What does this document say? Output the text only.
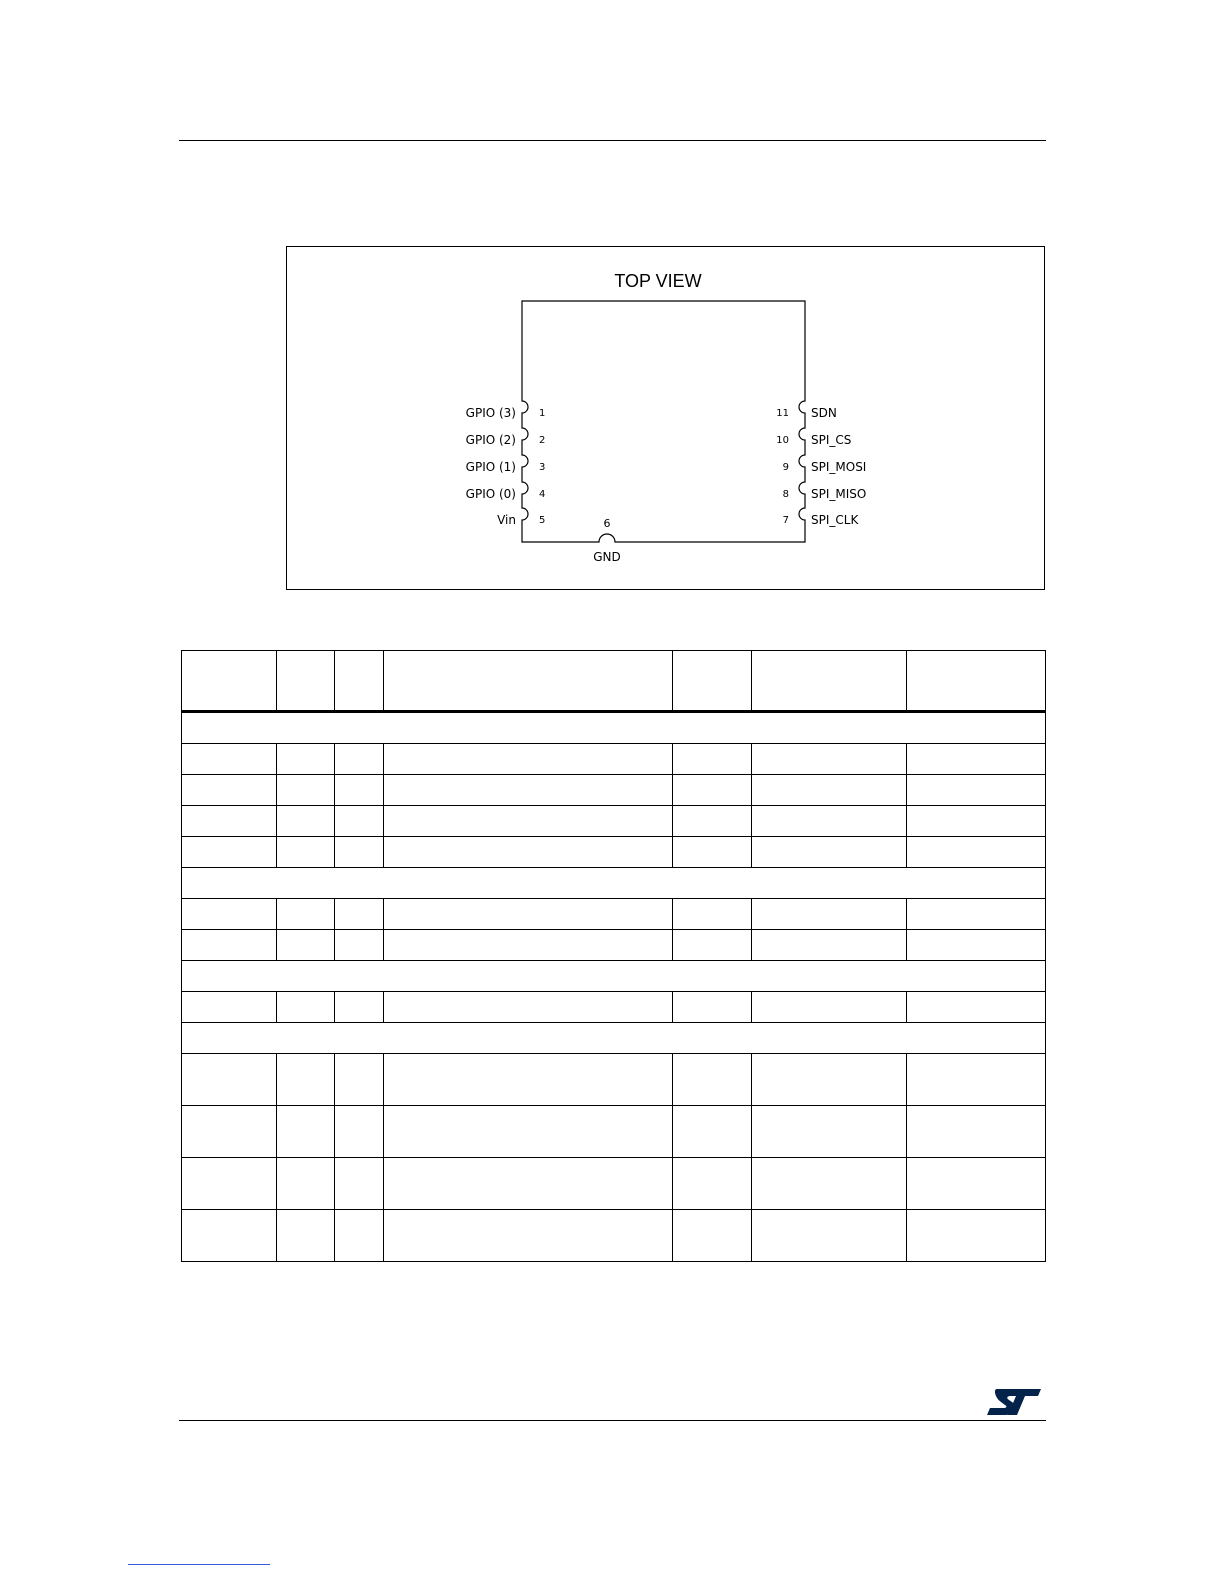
TOP VIEW
GPIO (3) 1
GPIO (2) 2
GPIO (1) 3
GPIO (0) 4
Vin 5
SDN
11
SPI_CS
10
SPI_MOSI
9
SPI_MISO
8
SPI_CLK
7
6
GND
